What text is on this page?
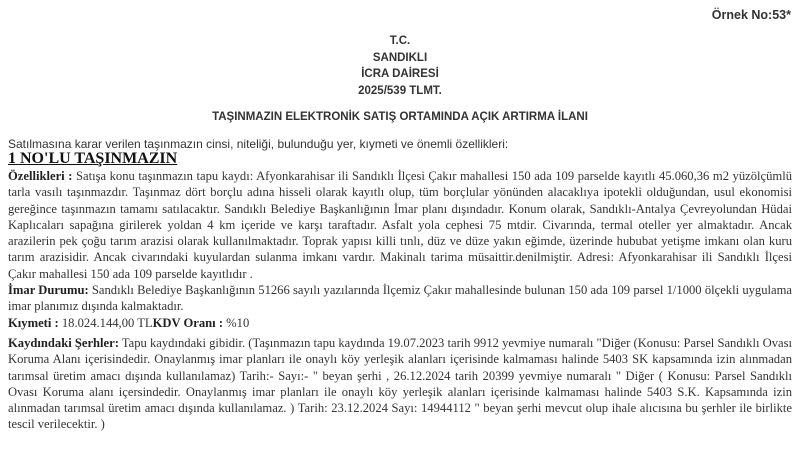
Örnek No:53*
T.C.
SANDIKLI
İCRA DAİRESİ
2025/539 TLMT.
TAŞINMAZIN ELEKTRONİK SATIŞ ORTAMINDA AÇIK ARTIRMA İLANI
Satılmasına karar verilen taşınmazın cinsi, niteliği, bulunduğu yer, kıymeti ve önemli özellikleri:
1 NO'LU TAŞINMAZIN

Özellikleri : Satışa konu taşınmazın tapu kaydı: Afyonkarahisar ili Sandıklı İlçesi Çakır mahallesi 150 ada 109 parselde kayıtlı 45.060,36 m2 yüzölçümlü tarla vasılı taşınmazdır. Taşınmaz dört borçlu adına hisseli olarak kayıtlı olup, tüm borçlular yönünden alacaklıya ipotekli olduğundan, usul ekonomisi gereğince taşınmazın tamamı satılacaktır. Sandıklı Belediye Başkanlığının İmar planı dışındadır. Konum olarak, Sandıklı-Antalya Çevreyolundan Hüdai Kaplıcaları sapağına girilerek yoldan 4 km içeride ve karşı taraftadır. Asfalt yola cephesi 75 mtdir. Civarında, termal oteller yer almaktadır. Ancak arazilerin pek çoğu tarım arazisi olarak kullanılmaktadır. Toprak yapısı killi tınlı, düz ve düze yakın eğimde, üzerinde hububat yetişme imkanı olan kuru tarım arazisidir. Ancak civarındaki kuyulardan sulanma imkanı vardır. Makinalı tarima müsaittir.denilmiştir. Adresi: Afyonkarahisar ili Sandıklı İlçesi Çakır mahallesi 150 ada 109 parselde kayıtlıdır .

İmar Durumu: Sandıklı Belediye Başkanlığının 51266 sayılı yazılarında İlçemiz Çakır mahallesinde bulunan 150 ada 109 parsel 1/1000 ölçekli uygulama imar planımız dışında kalmaktadır.

Kıymeti : 18.024.144,00 TLKDV Oranı : %10

Kaydındaki Şerhler: Tapu kaydındaki gibidir. (Taşınmazın tapu kaydında 19.07.2023 tarih 9912 yevmiye numaralı "Diğer (Konusu: Parsel Sandıklı Ovası Koruma Alanı içerisindedir. Onaylanmış imar planları ile onaylı köy yerleşik alanları içerisinde kalmaması halinde 5403 SK kapsamında izin alınmadan tarımsal üretim amacı dışında kullanılamaz) Tarih:- Sayı:- " beyan şerhi , 26.12.2024 tarih 20399 yevmiye numaralı " Diğer ( Konusu: Parsel Sandıklı Ovası Koruma alanı içersindedir. Onaylanmış imar planları ile onaylı köy yerleşik alanları içerisinde kalmaması halinde 5403 S.K. Kapsamında izin alınmadan tarımsal üretim amacı dışında kullanılamaz. ) Tarih: 23.12.2024 Sayı: 14944112 " beyan şerhi mevcut olup ihale alıcısına bu şerhler ile birlikte tescil verilecektir. )
